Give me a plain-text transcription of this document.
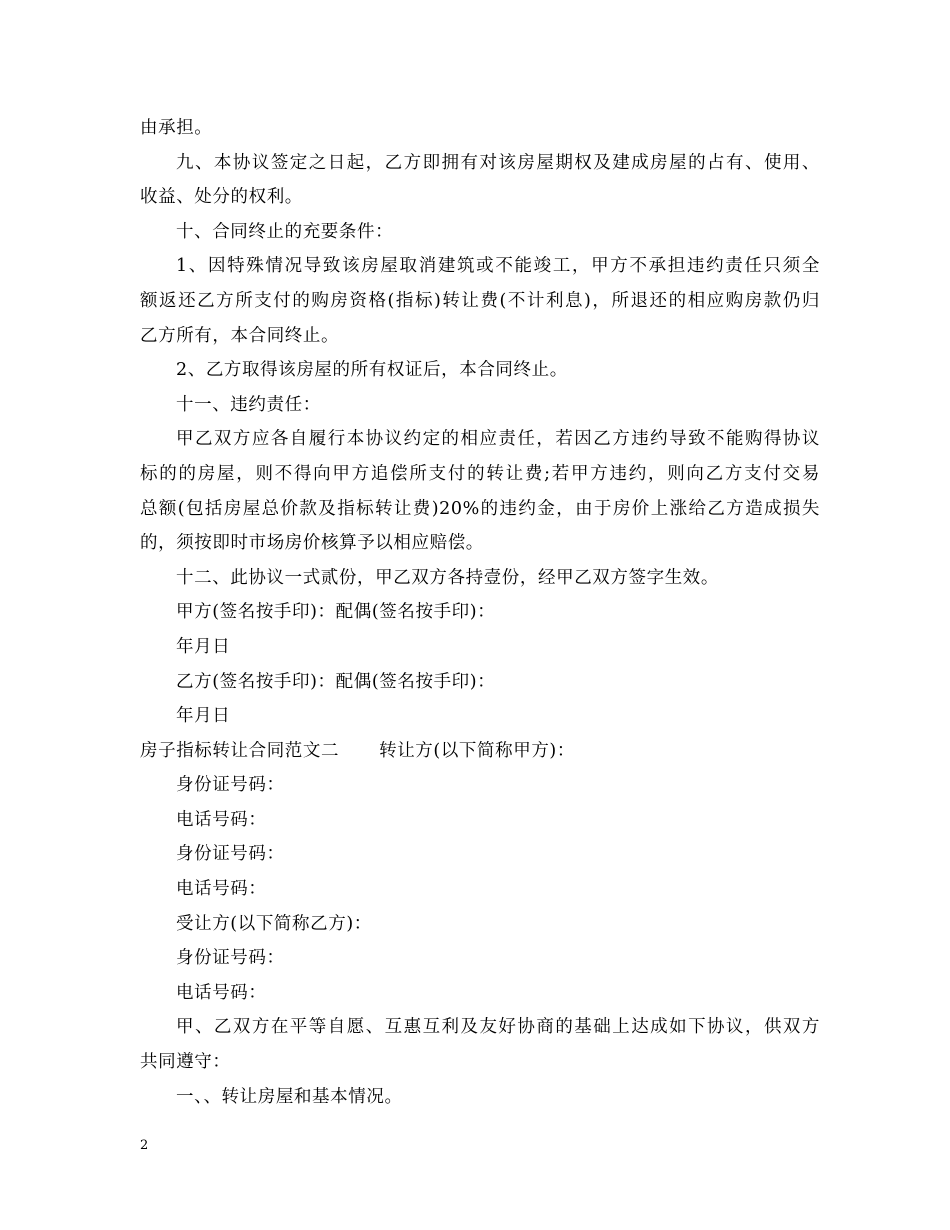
由承担。
九、本协议签定之日起，乙方即拥有对该房屋期权及建成房屋的占有、使用、
收益、处分的权利。
十、合同终止的充要条件：
1、因特殊情况导致该房屋取消建筑或不能竣工，甲方不承担违约责任只须全
额返还乙方所支付的购房资格(指标)转让费(不计利息)，所退还的相应购房款仍归
乙方所有，本合同终止。
2、乙方取得该房屋的所有权证后，本合同终止。
十一、违约责任：
甲乙双方应各自履行本协议约定的相应责任，若因乙方违约导致不能购得协议
标的的房屋，则不得向甲方追偿所支付的转让费;若甲方违约，则向乙方支付交易
总额(包括房屋总价款及指标转让费)20%的违约金，由于房价上涨给乙方造成损失
的，须按即时市场房价核算予以相应赔偿。
十二、此协议一式贰份，甲乙双方各持壹份，经甲乙双方签字生效。
甲方(签名按手印)：配偶(签名按手印)：
年月日
乙方(签名按手印)：配偶(签名按手印)：
年月日
房子指标转让合同范文二 转让方(以下简称甲方)：
身份证号码：
电话号码：
身份证号码：
电话号码：
受让方(以下简称乙方)：
身份证号码：
电话号码：
甲、乙双方在平等自愿、互惠互利及友好协商的基础上达成如下协议，供双方
共同遵守：
一、、转让房屋和基本情况。
2
